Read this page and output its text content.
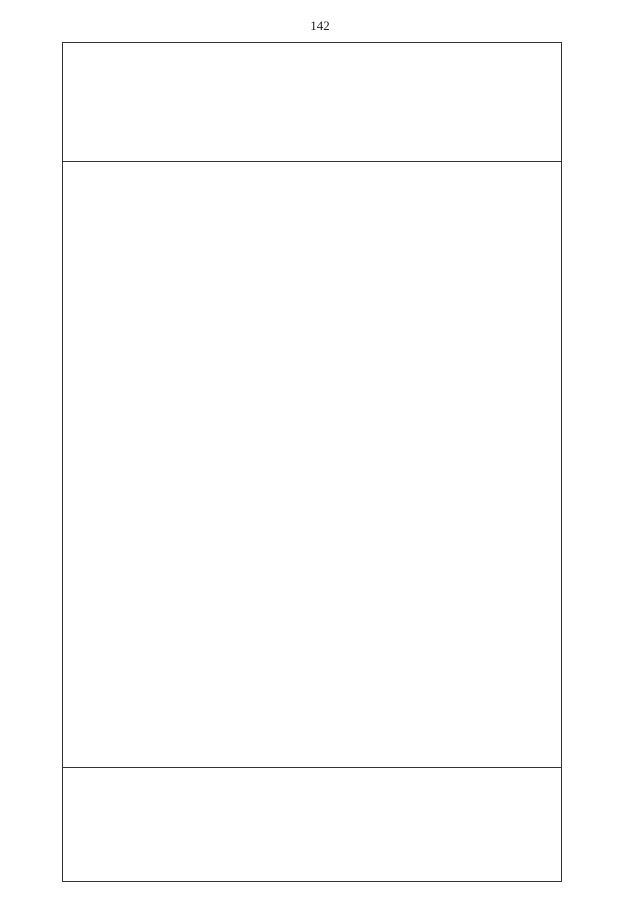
142
